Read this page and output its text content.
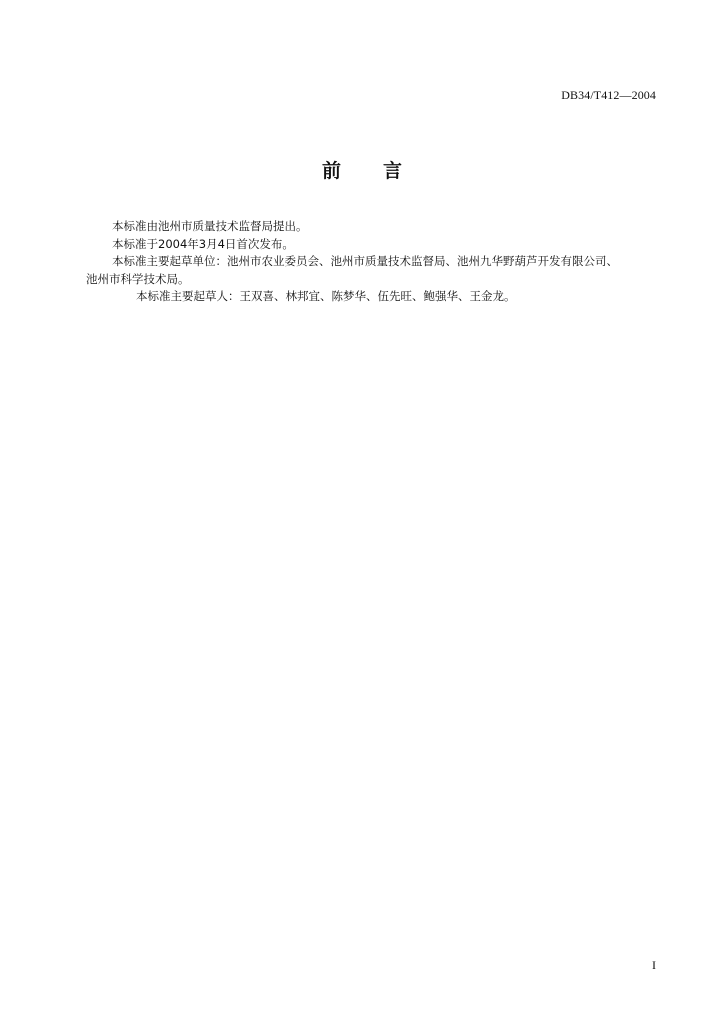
DB34/T412—2004
前 言

本标准由池州市质量技术监督局提出。

本标准于2004年3月4日首次发布。

本标准主要起草单位：池州市农业委员会、池州市质量技术监督局、池州九华野葫芦开发有限公司、

池州市科学技术局。

本标准主要起草人：王双喜、林邦宜、陈梦华、伍先旺、鲍强华、王金龙。

I
